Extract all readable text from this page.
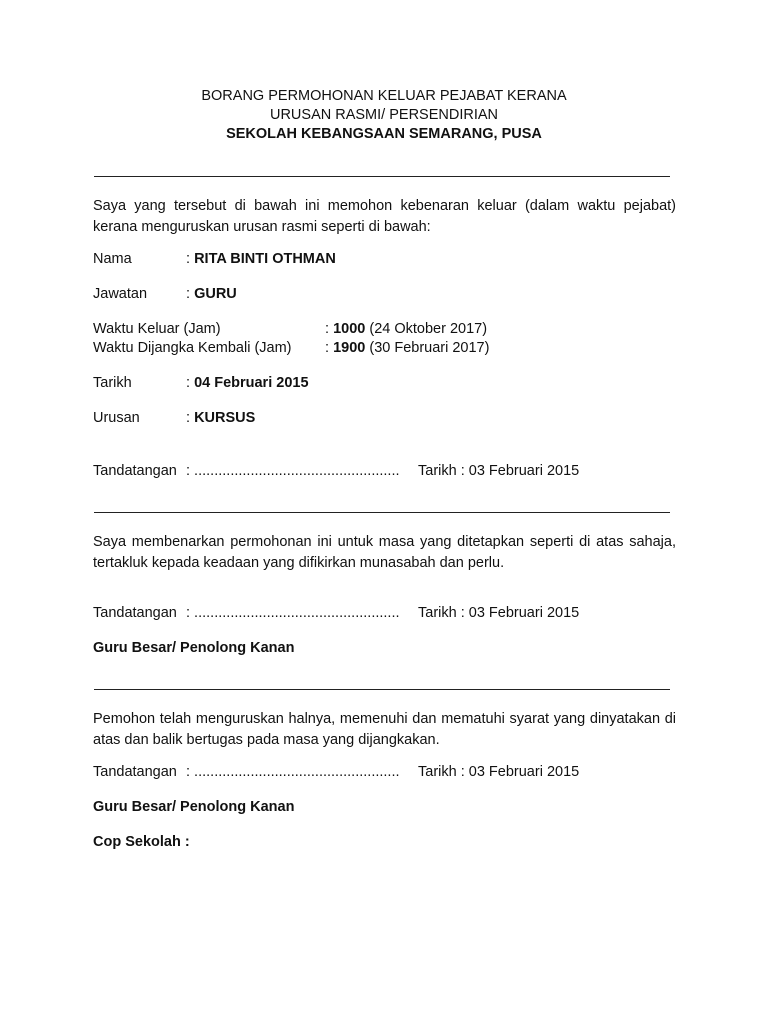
BORANG PERMOHONAN KELUAR PEJABAT KERANA
URUSAN RASMI/ PERSENDIRIAN
SEKOLAH KEBANGSAAN SEMARANG, PUSA
Saya yang tersebut di bawah ini memohon kebenaran keluar (dalam waktu pejabat) kerana menguruskan urusan rasmi seperti di bawah:
Nama	: RITA BINTI OTHMAN
Jawatan	: GURU
Waktu Keluar (Jam)	: 1000 (24 Oktober 2017)
Waktu Dijangka Kembali (Jam) : 1900 (30 Februari 2017)
Tarikh	: 04 Februari 2015
Urusan	: KURSUS
Tandatangan : ................................................... Tarikh : 03 Februari 2015
Saya membenarkan permohonan ini untuk masa yang ditetapkan seperti di atas sahaja, tertakluk kepada keadaan yang difikirkan munasabah dan perlu.
Tandatangan : ................................................... Tarikh : 03 Februari 2015
Guru Besar/ Penolong Kanan
Pemohon telah menguruskan halnya, memenuhi dan mematuhi syarat yang dinyatakan di atas dan balik bertugas pada masa yang dijangkakan.
Tandatangan : ................................................... Tarikh : 03 Februari 2015
Guru Besar/ Penolong Kanan
Cop Sekolah :
